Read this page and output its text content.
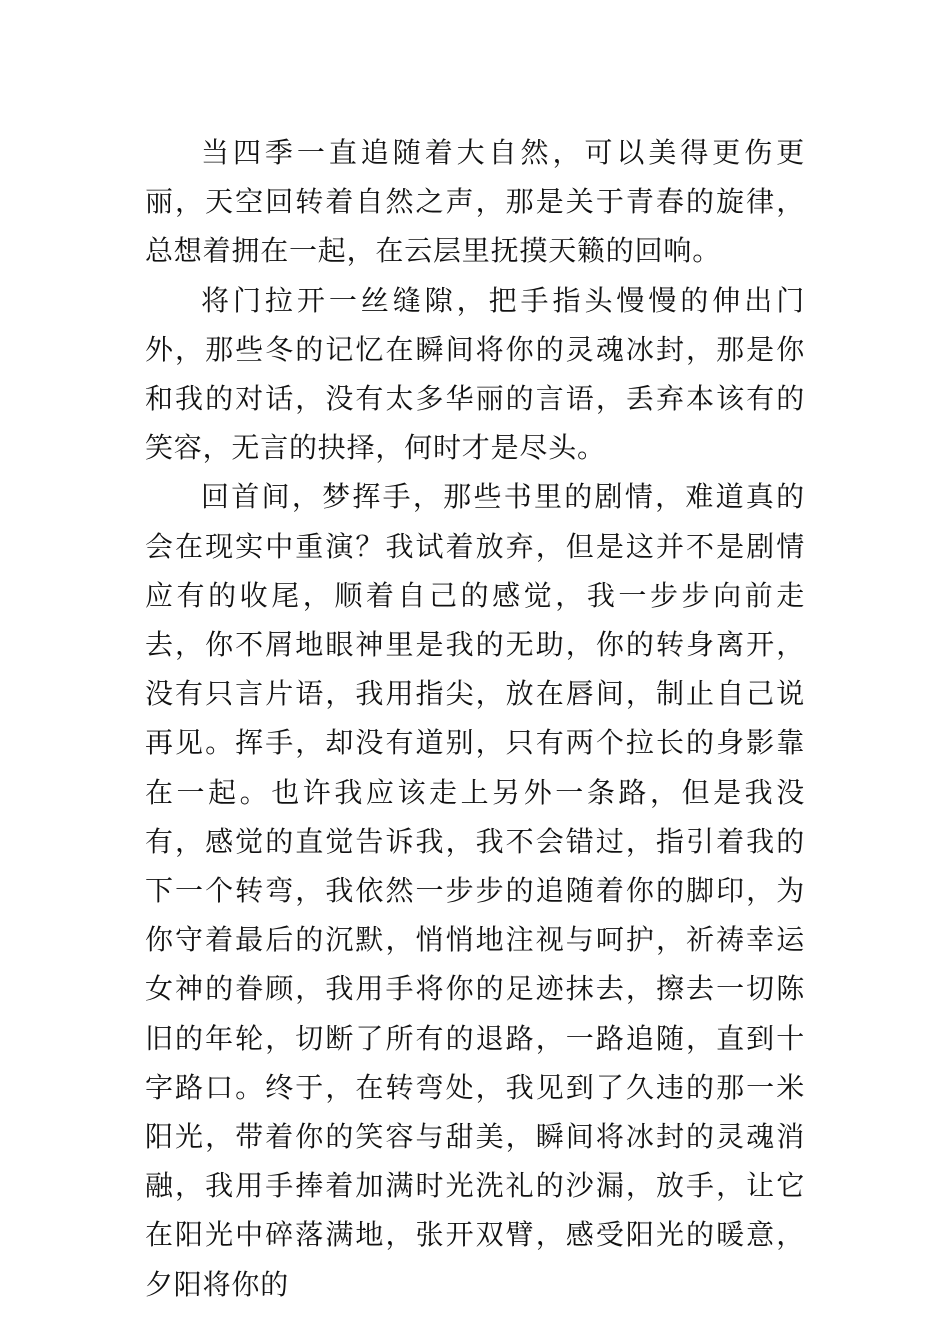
当四季一直追随着大自然，可以美得更伤更丽，天空回转着自然之声，那是关于青春的旋律，总想着拥在一起，在云层里抚摸天籁的回响。

将门拉开一丝缝隙，把手指头慢慢的伸出门外，那些冬的记忆在瞬间将你的灵魂冰封，那是你和我的对话，没有太多华丽的言语，丢弃本该有的笑容，无言的抉择，何时才是尽头。

回首间，梦挥手，那些书里的剧情，难道真的会在现实中重演？我试着放弃，但是这并不是剧情应有的收尾，顺着自己的感觉，我一步步向前走去，你不屑地眼神里是我的无助，你的转身离开，没有只言片语，我用指尖，放在唇间，制止自己说再见。挥手，却没有道别，只有两个拉长的身影靠在一起。也许我应该走上另外一条路，但是我没有，感觉的直觉告诉我，我不会错过，指引着我的下一个转弯，我依然一步步的追随着你的脚印，为你守着最后的沉默，悄悄地注视与呵护，祈祷幸运女神的眷顾，我用手将你的足迹抹去，擦去一切陈旧的年轮，切断了所有的退路，一路追随，直到十字路口。终于，在转弯处，我见到了久违的那一米阳光，带着你的笑容与甜美，瞬间将冰封的灵魂消融，我用手捧着加满时光洗礼的沙漏，放手，让它在阳光中碎落满地，张开双臂，感受阳光的暖意，夕阳将你的
